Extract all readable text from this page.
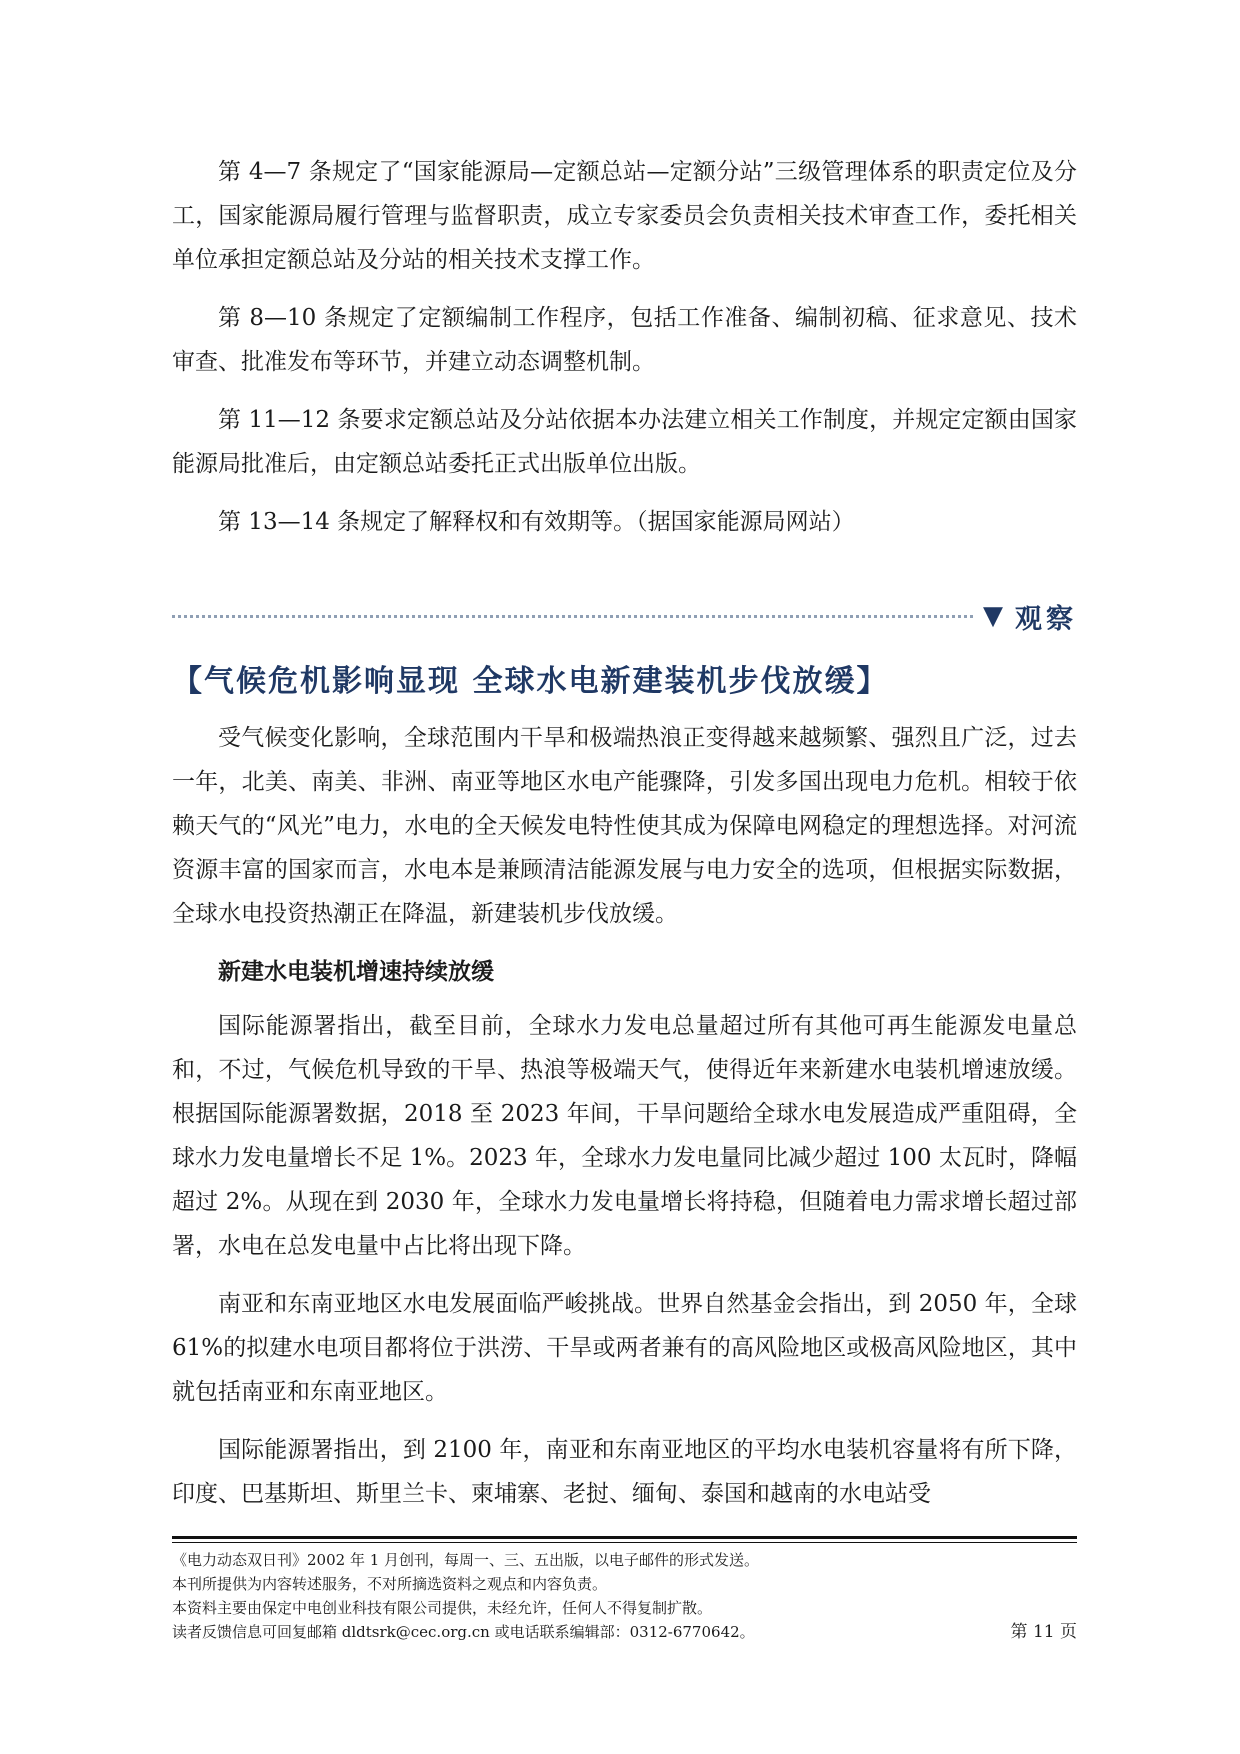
第 4—7 条规定了“国家能源局—定额总站—定额分站”三级管理体系的职责定位及分工，国家能源局履行管理与监督职责，成立专家委员会负责相关技术审查工作，委托相关单位承担定额总站及分站的相关技术支撑工作。

第 8—10 条规定了定额编制工作程序，包括工作准备、编制初稿、征求意见、技术审查、批准发布等环节，并建立动态调整机制。

第 11—12 条要求定额总站及分站依据本办法建立相关工作制度，并规定定额由国家能源局批准后，由定额总站委托正式出版单位出版。

第 13—14 条规定了解释权和有效期等。（据国家能源局网站）

▼ 观察
【气候危机影响显现 全球水电新建装机步伐放缓】

受气候变化影响，全球范围内干旱和极端热浪正变得越来越频繁、强烈且广泛，过去一年，北美、南美、非洲、南亚等地区水电产能骤降，引发多国出现电力危机。相较于依赖天气的“风光”电力，水电的全天候发电特性使其成为保障电网稳定的理想选择。对河流资源丰富的国家而言，水电本是兼顾清洁能源发展与电力安全的选项，但根据实际数据，全球水电投资热潮正在降温，新建装机步伐放缓。

新建水电装机增速持续放缓

国际能源署指出，截至目前，全球水力发电总量超过所有其他可再生能源发电量总和，不过，气候危机导致的干旱、热浪等极端天气，使得近年来新建水电装机增速放缓。根据国际能源署数据，2018 至 2023 年间，干旱问题给全球水电发展造成严重阻碍，全球水力发电量增长不足 1%。2023 年，全球水力发电量同比减少超过 100 太瓦时，降幅超过 2%。从现在到 2030 年，全球水力发电量增长将持稳，但随着电力需求增长超过部署，水电在总发电量中占比将出现下降。

南亚和东南亚地区水电发展面临严峻挑战。世界自然基金会指出，到 2050 年，全球 61%的拟建水电项目都将位于洪涝、干旱或两者兼有的高风险地区或极高风险地区，其中就包括南亚和东南亚地区。

国际能源署指出，到 2100 年，南亚和东南亚地区的平均水电装机容量将有所下降，印度、巴基斯坦、斯里兰卡、柬埔寨、老挝、缅甸、泰国和越南的水电站受

《电力动态双日刊》2002 年 1 月创刊，每周一、三、五出版，以电子邮件的形式发送。
本刊所提供为内容转述服务，不对所摘选资料之观点和内容负责。
本资料主要由保定中电创业科技有限公司提供，未经允许，任何人不得复制扩散。
读者反馈信息可回复邮箱 dldtsrk@cec.org.cn 或电话联系编辑部：0312-6770642。	第 11 页
